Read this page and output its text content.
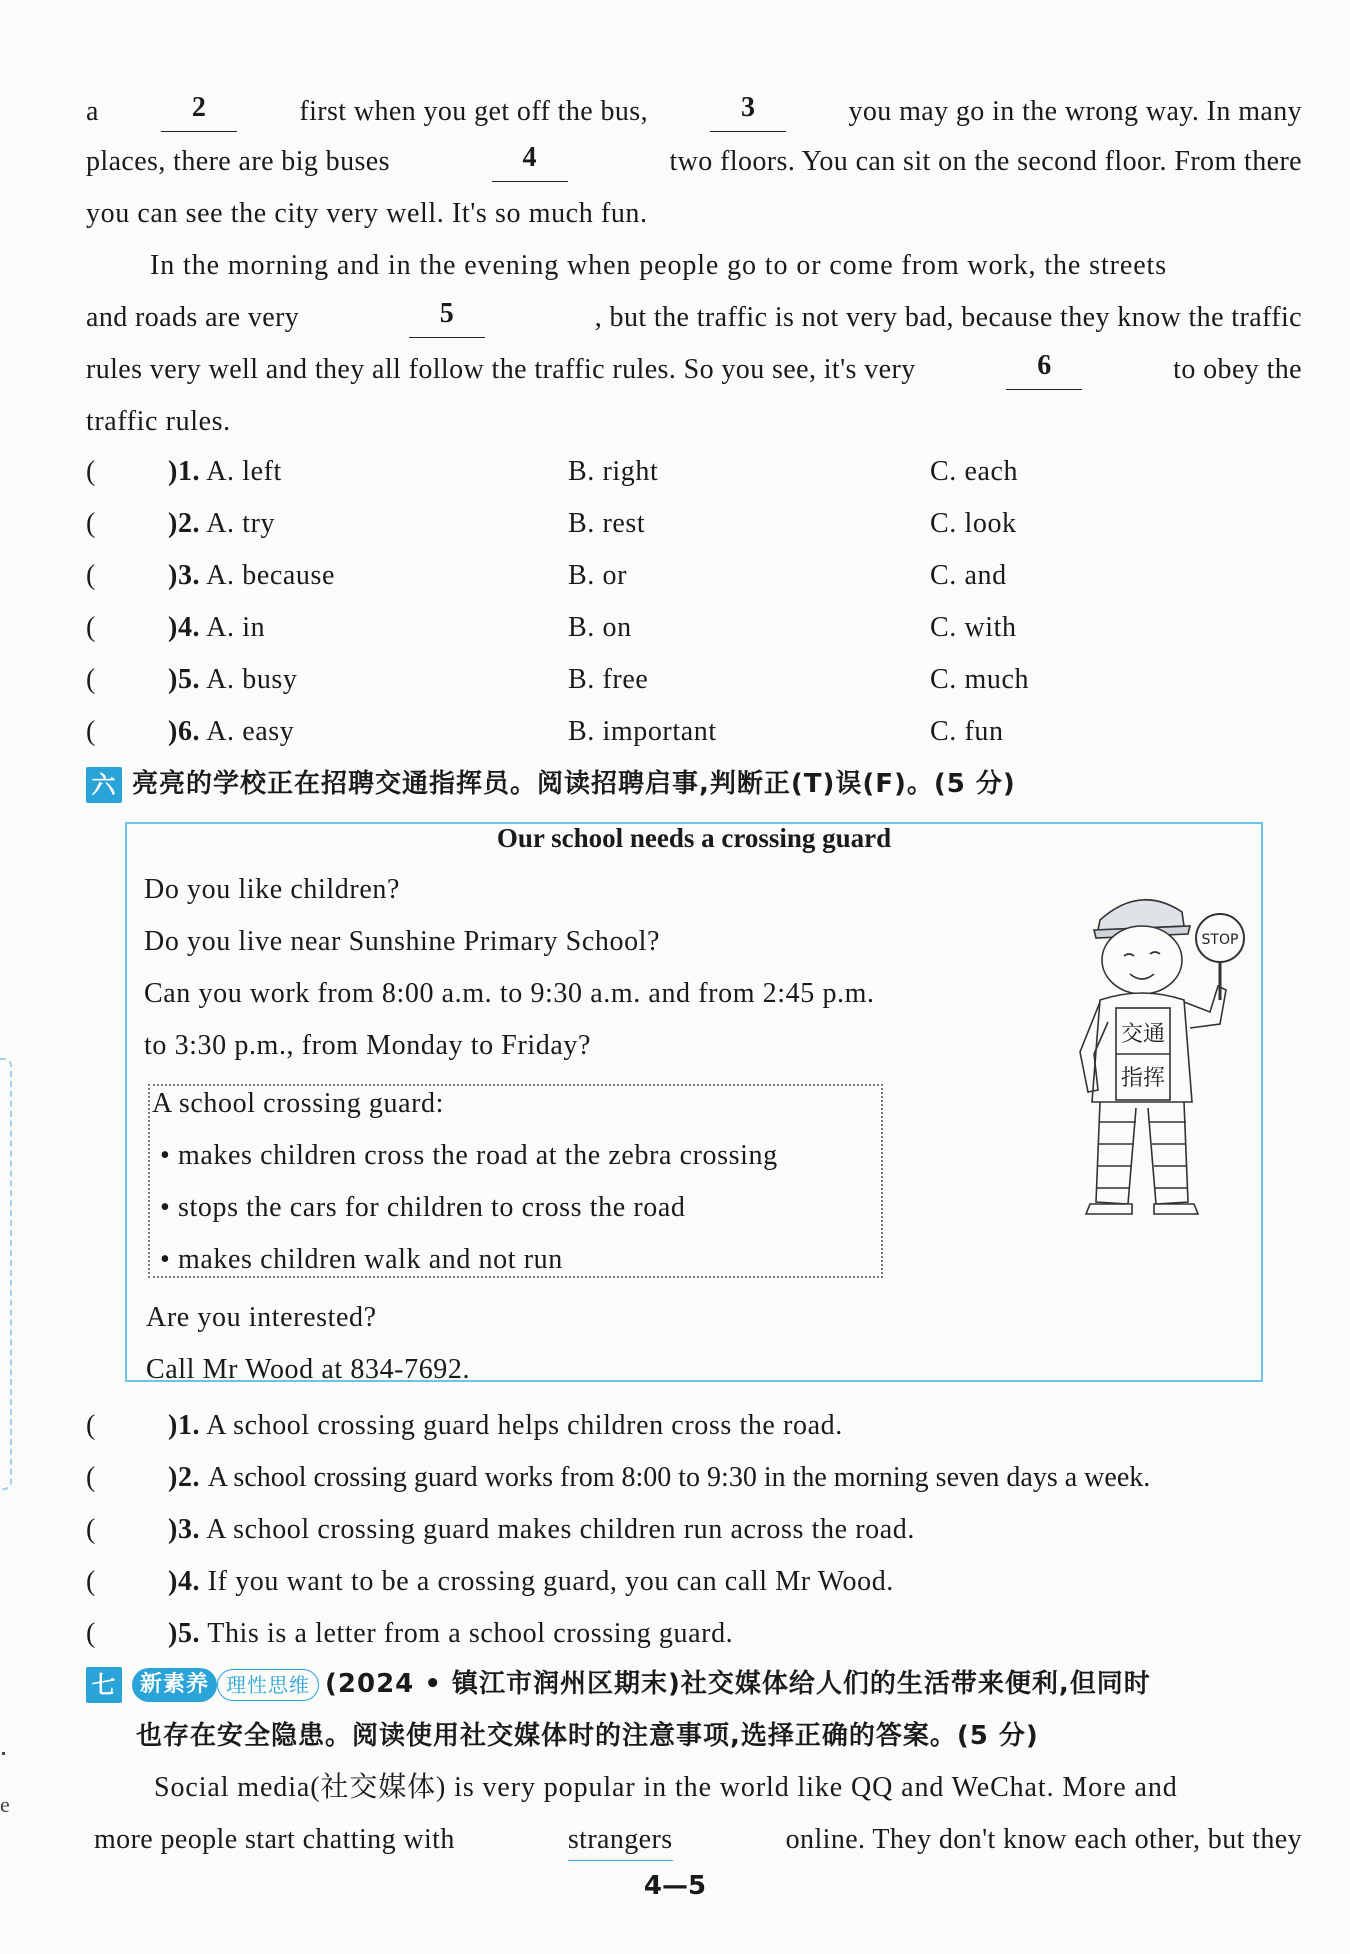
e
a	2	first when you get off the bus,	3	you may go in the wrong way. In many
places, there are big buses	4	two floors. You can sit on the second floor. From there
you can see the city very well. It's so much fun.
In the morning and in the evening when people go to or come from work, the streets
and roads are very	5	, but the traffic is not very bad, because they know the traffic
rules very well and they all follow the traffic rules. So you see, it's very	6	to obey the
traffic rules.
(	)1. A. left	B. right	C. each
(	)2. A. try	B. rest	C. look
(	)3. A. because	B. or	C. and
(	)4. A. in	B. on	C. with
(	)5. A. busy	B. free	C. much
(	)6. A. easy	B. important	C. fun
六 亮亮的学校正在招聘交通指挥员。阅读招聘启事,判断正(T)误(F)。(5 分)
Our school needs a crossing guard
Do you like children?
Do you live near Sunshine Primary School?
Can you work from 8:00 a.m. to 9:30 a.m. and from 2:45 p.m.
to 3:30 p.m., from Monday to Friday?
A school crossing guard:
• makes children cross the road at the zebra crossing
• stops the cars for children to cross the road
• makes children walk and not run
Are you interested?
Call Mr Wood at 834-7692.
STOP
交通
指挥
(	)1. A school crossing guard helps children cross the road.
(	)2. A school crossing guard works from 8:00 to 9:30 in the morning seven days a week.
(	)3. A school crossing guard makes children run across the road.
(	)4. If you want to be a crossing guard, you can call Mr Wood.
(	)5. This is a letter from a school crossing guard.
七 新素养 理性思维 (2024 • 镇江市润州区期末)社交媒体给人们的生活带来便利,但同时
也存在安全隐患。阅读使用社交媒体时的注意事项,选择正确的答案。(5 分)
Social media(社交媒体) is very popular in the world like QQ and WeChat. More and
more people start chatting with	strangers	online. They don't know each other, but they
4—5
